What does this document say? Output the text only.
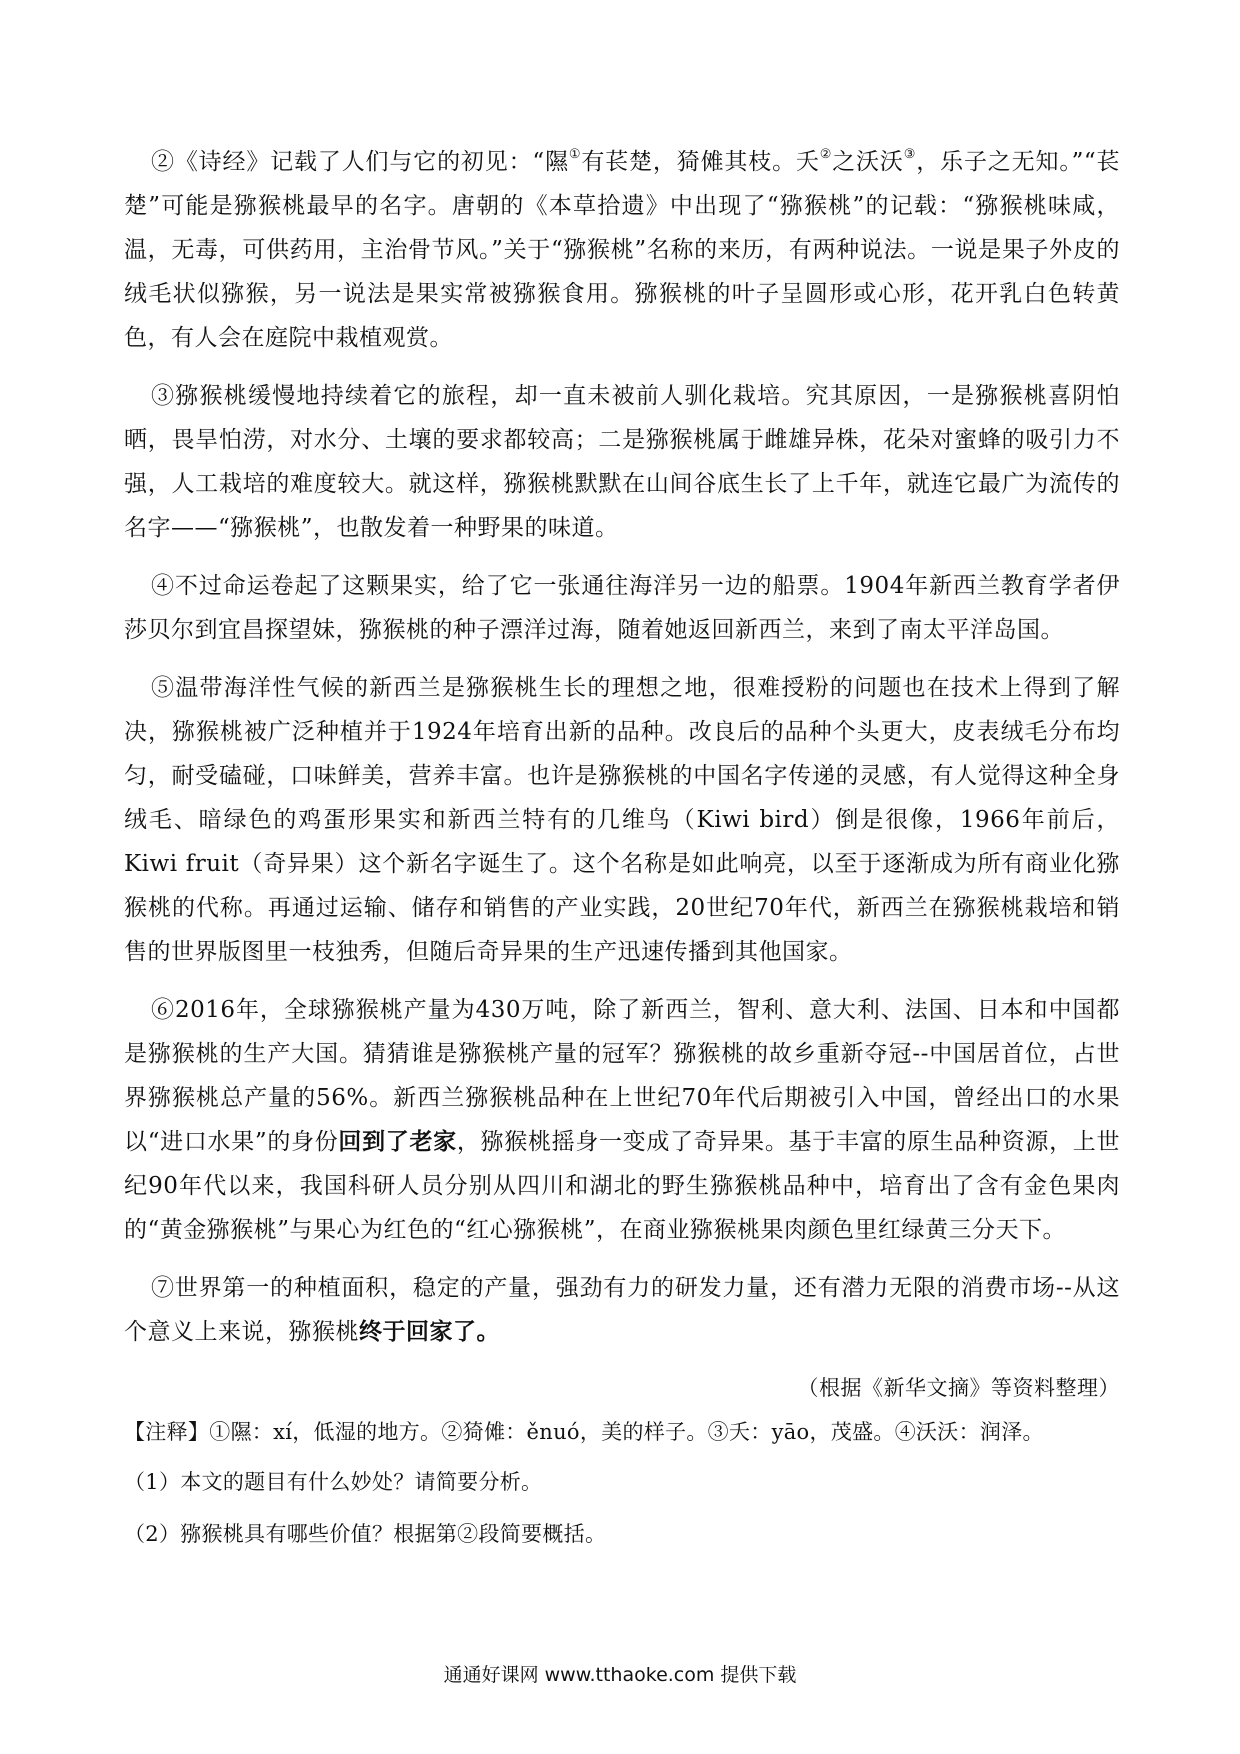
②《诗经》记载了人们与它的初见：“隰①有苌楚，猗傩其枝。夭②之沃沃③，乐子之无知。”“苌楚”可能是猕猴桃最早的名字。唐朝的《本草拾遗》中出现了“猕猴桃”的记载：“猕猴桃味咸，温，无毒，可供药用，主治骨节风。”关于“猕猴桃”名称的来历，有两种说法。一说是果子外皮的绒毛状似猕猴，另一说法是果实常被猕猴食用。猕猴桃的叶子呈圆形或心形，花开乳白色转黄色，有人会在庭院中栽植观赏。

③猕猴桃缓慢地持续着它的旅程，却一直未被前人驯化栽培。究其原因，一是猕猴桃喜阴怕晒，畏旱怕涝，对水分、土壤的要求都较高；二是猕猴桃属于雌雄异株，花朵对蜜蜂的吸引力不强，人工栽培的难度较大。就这样，猕猴桃默默在山间谷底生长了上千年，就连它最广为流传的名字——“猕猴桃”，也散发着一种野果的味道。

④不过命运卷起了这颗果实，给了它一张通往海洋另一边的船票。1904年新西兰教育学者伊莎贝尔到宜昌探望妹，猕猴桃的种子漂洋过海，随着她返回新西兰，来到了南太平洋岛国。

⑤温带海洋性气候的新西兰是猕猴桃生长的理想之地，很难授粉的问题也在技术上得到了解决，猕猴桃被广泛种植并于1924年培育出新的品种。改良后的品种个头更大，皮表绒毛分布均匀，耐受磕碰，口味鲜美，营养丰富。也许是猕猴桃的中国名字传递的灵感，有人觉得这种全身绒毛、暗绿色的鸡蛋形果实和新西兰特有的几维鸟（Kiwi bird）倒是很像，1966年前后，Kiwi fruit（奇异果）这个新名字诞生了。这个名称是如此响亮，以至于逐渐成为所有商业化猕猴桃的代称。再通过运输、储存和销售的产业实践，20世纪70年代，新西兰在猕猴桃栽培和销售的世界版图里一枝独秀，但随后奇异果的生产迅速传播到其他国家。

⑥2016年，全球猕猴桃产量为430万吨，除了新西兰，智利、意大利、法国、日本和中国都是猕猴桃的生产大国。猜猜谁是猕猴桃产量的冠军？猕猴桃的故乡重新夺冠--中国居首位，占世界猕猴桃总产量的56%。新西兰猕猴桃品种在上世纪70年代后期被引入中国，曾经出口的水果以“进口水果”的身份回到了老家，猕猴桃摇身一变成了奇异果。基于丰富的原生品种资源，上世纪90年代以来，我国科研人员分别从四川和湖北的野生猕猴桃品种中，培育出了含有金色果肉的“黄金猕猴桃”与果心为红色的“红心猕猴桃”，在商业猕猴桃果肉颜色里红绿黄三分天下。

⑦世界第一的种植面积，稳定的产量，强劲有力的研发力量，还有潜力无限的消费市场--从这个意义上来说，猕猴桃终于回家了。

（根据《新华文摘》等资料整理）
【注释】①隰：xí，低湿的地方。②猗傩：ěnuó，美的样子。③夭：yāo，茂盛。④沃沃：润泽。
（1）本文的题目有什么妙处？请简要分析。
（2）猕猴桃具有哪些价值？根据第②段简要概括。
通通好课网 www.tthaoke.com 提供下载
